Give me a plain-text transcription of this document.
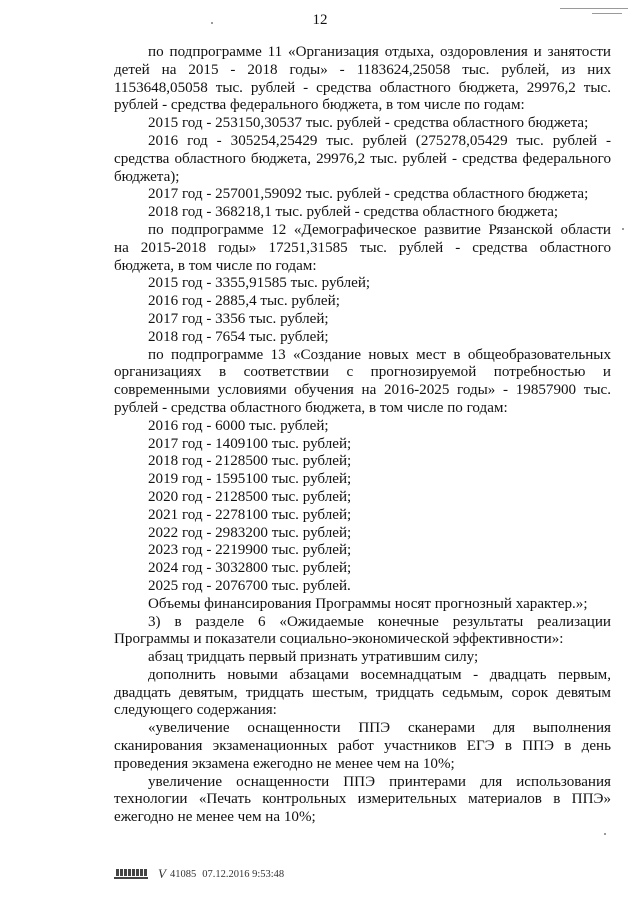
12
по подпрограмме 11 «Организация отдыха, оздоровления и занятости
детей на 2015 - 2018 годы» - 1183624,25058 тыс. рублей, из них
1153648,05058 тыс. рублей - средства областного бюджета, 29976,2 тыс.
рублей - средства федерального бюджета, в том числе по годам:
2015 год - 253150,30537 тыс. рублей - средства областного бюджета;
2016 год - 305254,25429 тыс. рублей (275278,05429 тыс. рублей -
средства областного бюджета, 29976,2 тыс. рублей - средства федерального
бюджета);
2017 год - 257001,59092 тыс. рублей - средства областного бюджета;
2018 год - 368218,1 тыс. рублей - средства областного бюджета;
по подпрограмме 12 «Демографическое развитие Рязанской области
на 2015-2018 годы» 17251,31585 тыс. рублей - средства областного
бюджета, в том числе по годам:
2015 год - 3355,91585 тыс. рублей;
2016 год - 2885,4 тыс. рублей;
2017 год - 3356 тыс. рублей;
2018 год - 7654 тыс. рублей;
по подпрограмме 13 «Создание новых мест в общеобразовательных
организациях в соответствии с прогнозируемой потребностью и
современными условиями обучения на 2016-2025 годы» - 19857900 тыс.
рублей - средства областного бюджета, в том числе по годам:
2016 год - 6000 тыс. рублей;
2017 год - 1409100 тыс. рублей;
2018 год - 2128500 тыс. рублей;
2019 год - 1595100 тыс. рублей;
2020 год - 2128500 тыс. рублей;
2021 год - 2278100 тыс. рублей;
2022 год - 2983200 тыс. рублей;
2023 год - 2219900 тыс. рублей;
2024 год - 3032800 тыс. рублей;
2025 год - 2076700 тыс. рублей.
Объемы финансирования Программы носят прогнозный характер.»;
3) в разделе 6 «Ожидаемые конечные результаты реализации
Программы и показатели социально-экономической эффективности»:
абзац тридцать первый признать утратившим силу;
дополнить новыми абзацами восемнадцатым - двадцать первым,
двадцать девятым, тридцать шестым, тридцать седьмым, сорок девятым
следующего содержания:
«увеличение оснащенности ППЭ сканерами для выполнения
сканирования экзаменационных работ участников ЕГЭ в ППЭ в день
проведения экзамена ежегодно не менее чем на 10%;
увеличение оснащенности ППЭ принтерами для использования
технологии «Печать контрольных измерительных материалов в ППЭ»
ежегодно не менее чем на 10%;
V 41085 07.12.2016 9:53:48
